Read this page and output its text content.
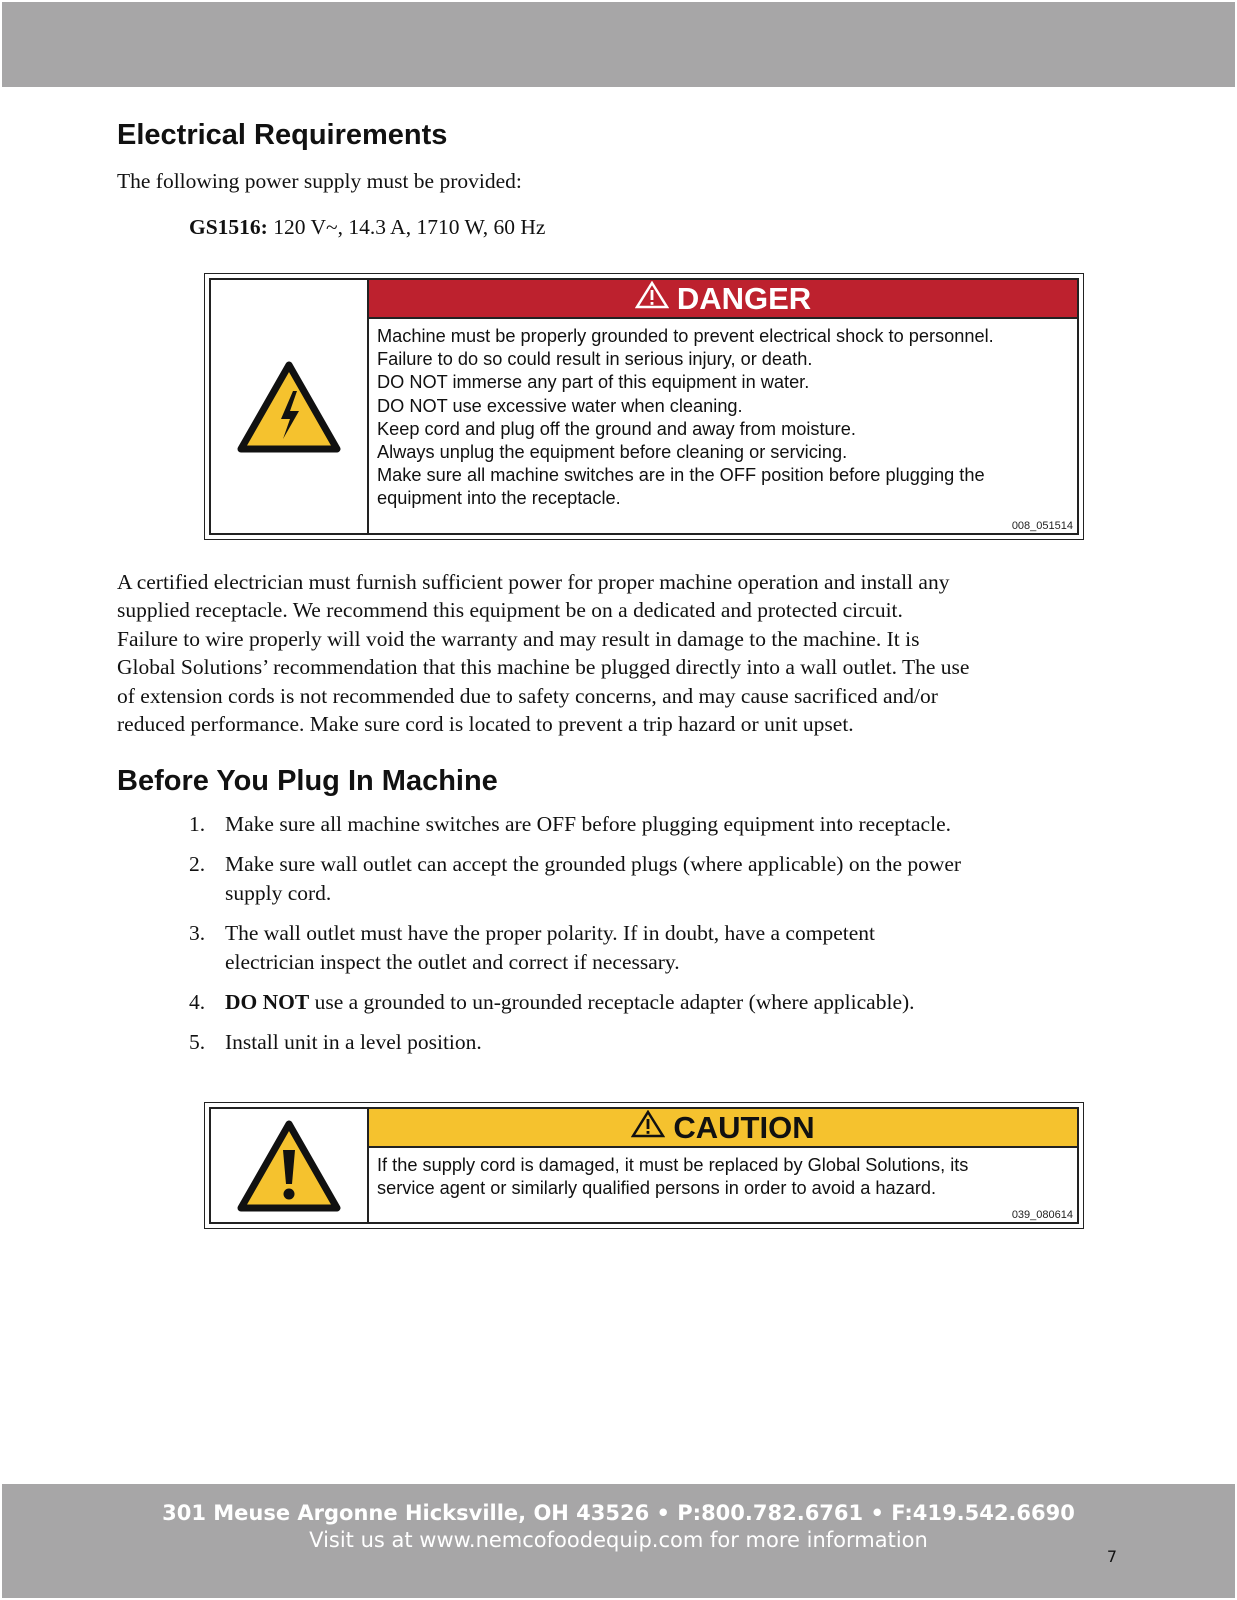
Electrical Requirements

The following power supply must be provided:

GS1516: 120 V~, 14.3 A, 1710 W, 60 Hz
DANGER
Machine must be properly grounded to prevent electrical shock to personnel.
Failure to do so could result in serious injury, or death.
DO NOT immerse any part of this equipment in water.
DO NOT use excessive water when cleaning.
Keep cord and plug off the ground and away from moisture.
Always unplug the equipment before cleaning or servicing.
Make sure all machine switches are in the OFF position before plugging the
equipment into the receptacle.
008_051514
A certified electrician must furnish sufficient power for proper machine operation and install any
supplied receptacle. We recommend this equipment be on a dedicated and protected circuit.
Failure to wire properly will void the warranty and may result in damage to the machine. It is
Global Solutions’ recommendation that this machine be plugged directly into a wall outlet. The use
of extension cords is not recommended due to safety concerns, and may cause sacrificed and/or
reduced performance. Make sure cord is located to prevent a trip hazard or unit upset.
Before You Plug In Machine
1. Make sure all machine switches are OFF before plugging equipment into receptacle.
2. Make sure wall outlet can accept the grounded plugs (where applicable) on the power
supply cord.
3. The wall outlet must have the proper polarity. If in doubt, have a competent
electrician inspect the outlet and correct if necessary.
4. DO NOT use a grounded to un-grounded receptacle adapter (where applicable).
5. Install unit in a level position.
CAUTION
If the supply cord is damaged, it must be replaced by Global Solutions, its
service agent or similarly qualified persons in order to avoid a hazard.
039_080614
301 Meuse Argonne Hicksville, OH 43526 • P:800.782.6761 • F:419.542.6690
Visit us at www.nemcofoodequip.com for more information
7
